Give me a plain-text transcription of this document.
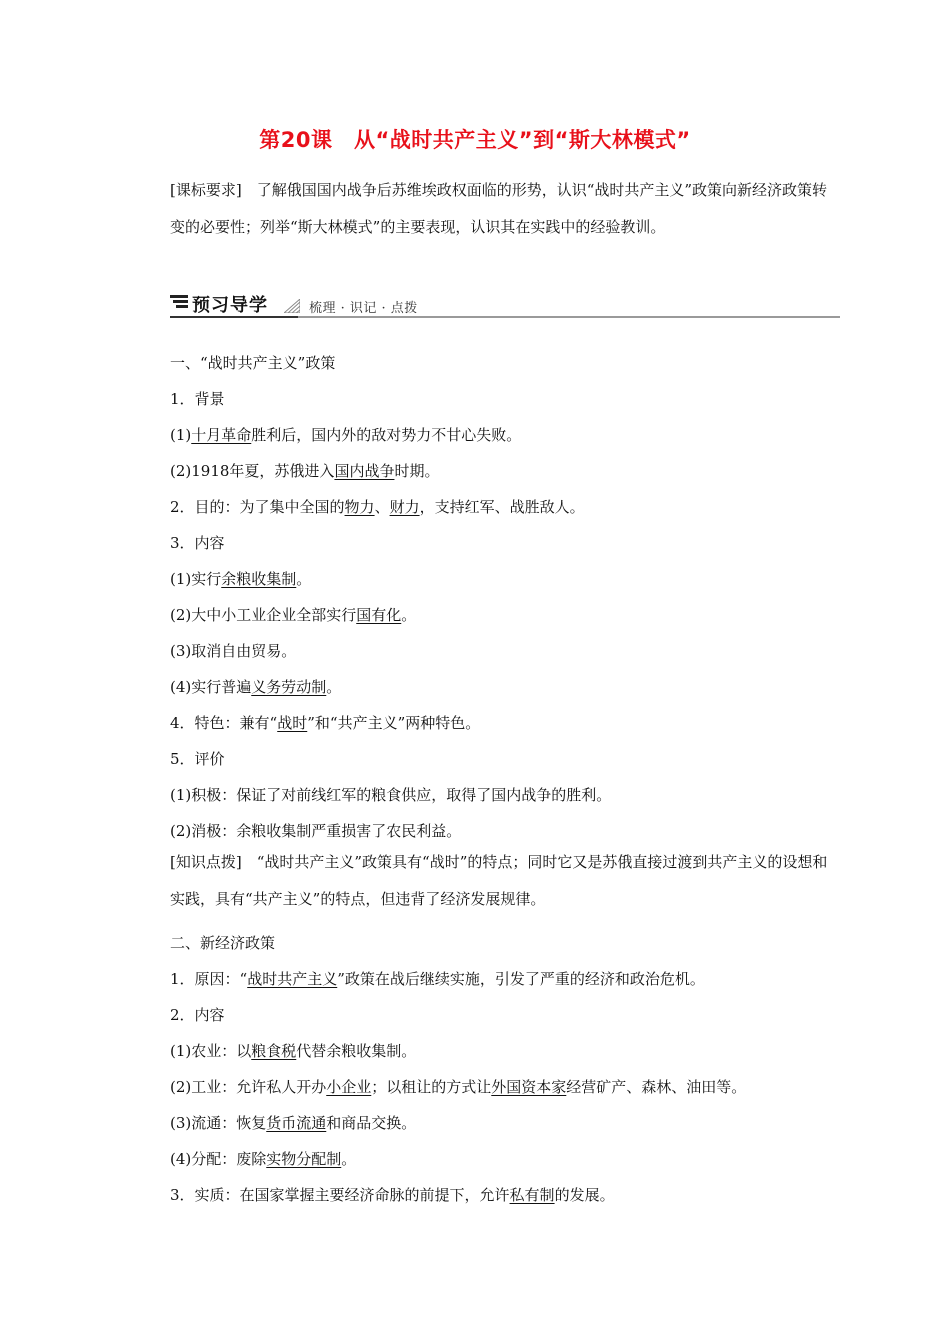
第20课　从“战时共产主义”到“斯大林模式”
[课标要求]　了解俄国国内战争后苏维埃政权面临的形势，认识“战时共产主义”政策向新经济政策转变的必要性；列举“斯大林模式”的主要表现，认识其在实践中的经验教训。
预习导学	梳理 · 识记 · 点拨
一、“战时共产主义”政策
1．背景
(1)十月革命胜利后，国内外的敌对势力不甘心失败。
(2)1918年夏，苏俄进入国内战争时期。
2．目的：为了集中全国的物力、财力，支持红军、战胜敌人。
3．内容
(1)实行余粮收集制。
(2)大中小工业企业全部实行国有化。
(3)取消自由贸易。
(4)实行普遍义务劳动制。
4．特色：兼有“战时”和“共产主义”两种特色。
5．评价
(1)积极：保证了对前线红军的粮食供应，取得了国内战争的胜利。
(2)消极：余粮收集制严重损害了农民利益。
[知识点拨]　“战时共产主义”政策具有“战时”的特点；同时它又是苏俄直接过渡到共产主义的设想和实践，具有“共产主义”的特点，但违背了经济发展规律。
二、新经济政策
1．原因：“战时共产主义”政策在战后继续实施，引发了严重的经济和政治危机。
2．内容
(1)农业：以粮食税代替余粮收集制。
(2)工业：允许私人开办小企业；以租让的方式让外国资本家经营矿产、森林、油田等。
(3)流通：恢复货币流通和商品交换。
(4)分配：废除实物分配制。
3．实质：在国家掌握主要经济命脉的前提下，允许私有制的发展。
